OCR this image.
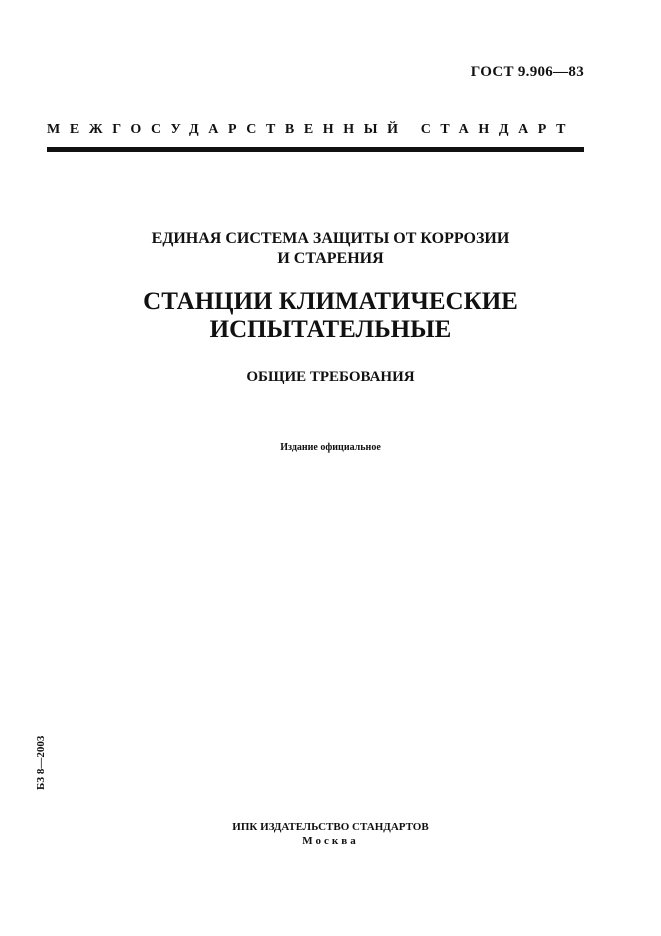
ГОСТ 9.906—83
МЕЖГОСУДАРСТВЕННЫЙ СТАНДАРТ
ЕДИНАЯ СИСТЕМА ЗАЩИТЫ ОТ КОРРОЗИИ
И СТАРЕНИЯ
СТАНЦИИ КЛИМАТИЧЕСКИЕ
ИСПЫТАТЕЛЬНЫЕ
ОБЩИЕ ТРЕБОВАНИЯ
Издание официальное
БЗ 8—2003
ИПК ИЗДАТЕЛЬСТВО СТАНДАРТОВ
Москва
